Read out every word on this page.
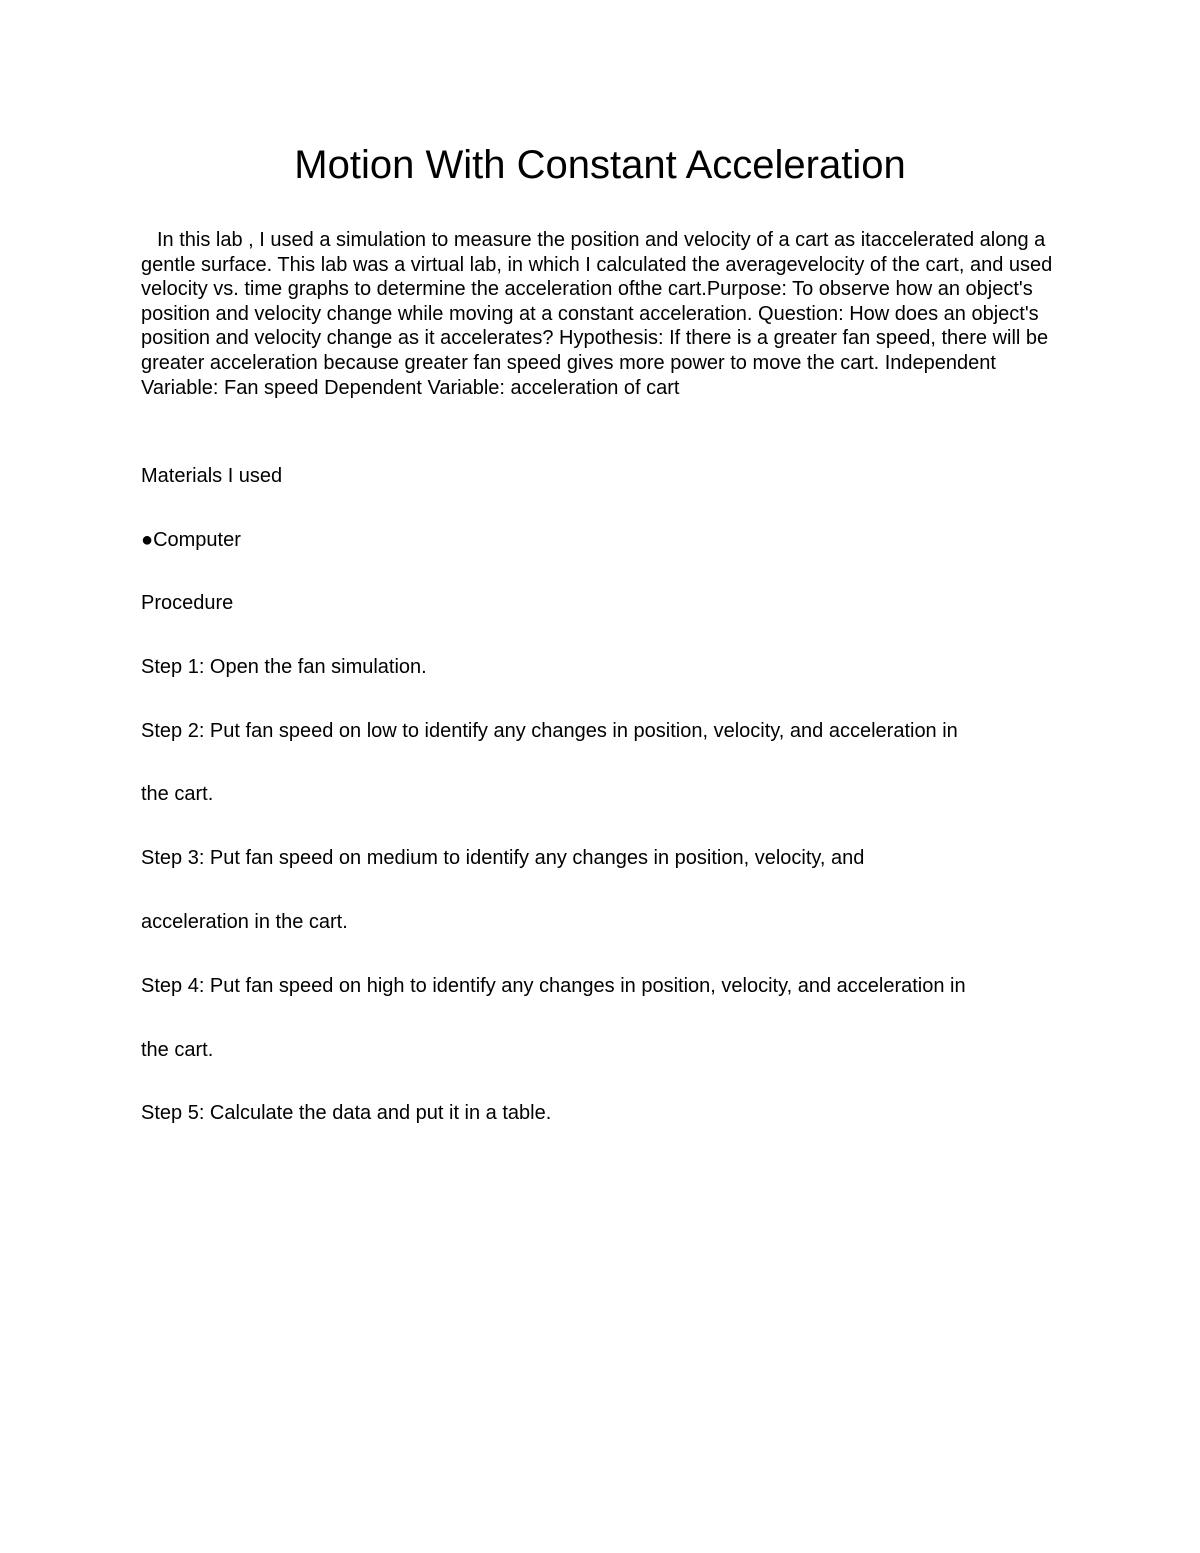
Motion With Constant Acceleration

In this lab , I used a simulation to measure the position and velocity of a cart as itaccelerated along a gentle surface. This lab was a virtual lab, in which I calculated the averagevelocity of the cart, and used velocity vs. time graphs to determine the acceleration ofthe cart.Purpose: To observe how an object's position and velocity change while moving at a constant acceleration. Question: How does an object's position and velocity change as it accelerates? Hypothesis: If there is a greater fan speed, there will be greater acceleration because greater fan speed gives more power to move the cart. Independent Variable: Fan speed Dependent Variable: acceleration of cart

Materials I used

●Computer

Procedure

Step 1: Open the fan simulation.

Step 2: Put fan speed on low to identify any changes in position, velocity, and acceleration in

the cart.

Step 3: Put fan speed on medium to identify any changes in position, velocity, and

acceleration in the cart.

Step 4: Put fan speed on high to identify any changes in position, velocity, and acceleration in

the cart.

Step 5: Calculate the data and put it in a table.
